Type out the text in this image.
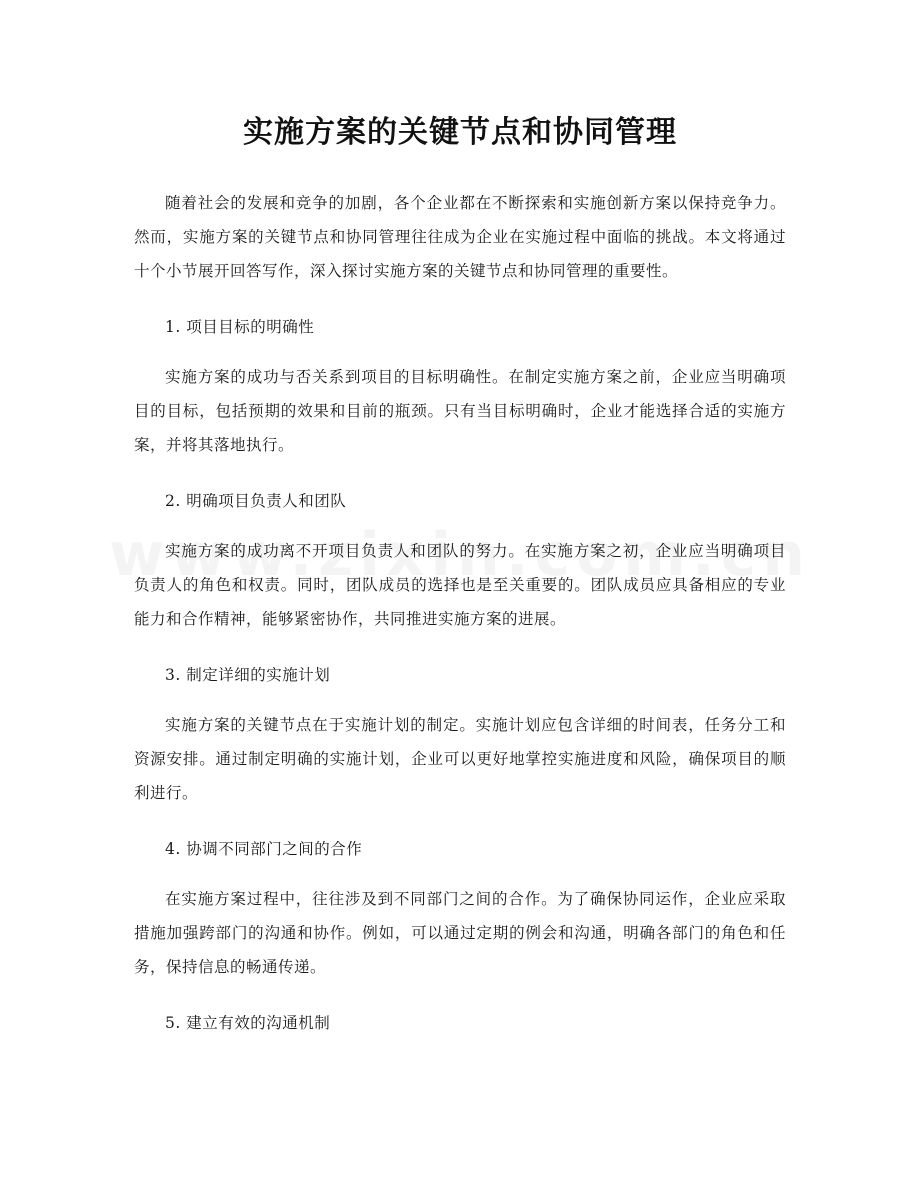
实施方案的关键节点和协同管理

随着社会的发展和竞争的加剧，各个企业都在不断探索和实施创新方案以保持竞争力。然而，实施方案的关键节点和协同管理往往成为企业在实施过程中面临的挑战。本文将通过十个小节展开回答写作，深入探讨实施方案的关键节点和协同管理的重要性。

1. 项目目标的明确性

实施方案的成功与否关系到项目的目标明确性。在制定实施方案之前，企业应当明确项目的目标，包括预期的效果和目前的瓶颈。只有当目标明确时，企业才能选择合适的实施方案，并将其落地执行。

2. 明确项目负责人和团队

实施方案的成功离不开项目负责人和团队的努力。在实施方案之初，企业应当明确项目负责人的角色和权责。同时，团队成员的选择也是至关重要的。团队成员应具备相应的专业能力和合作精神，能够紧密协作，共同推进实施方案的进展。

3. 制定详细的实施计划

实施方案的关键节点在于实施计划的制定。实施计划应包含详细的时间表，任务分工和资源安排。通过制定明确的实施计划，企业可以更好地掌控实施进度和风险，确保项目的顺利进行。

4. 协调不同部门之间的合作

在实施方案过程中，往往涉及到不同部门之间的合作。为了确保协同运作，企业应采取措施加强跨部门的沟通和协作。例如，可以通过定期的例会和沟通，明确各部门的角色和任务，保持信息的畅通传递。

5. 建立有效的沟通机制
